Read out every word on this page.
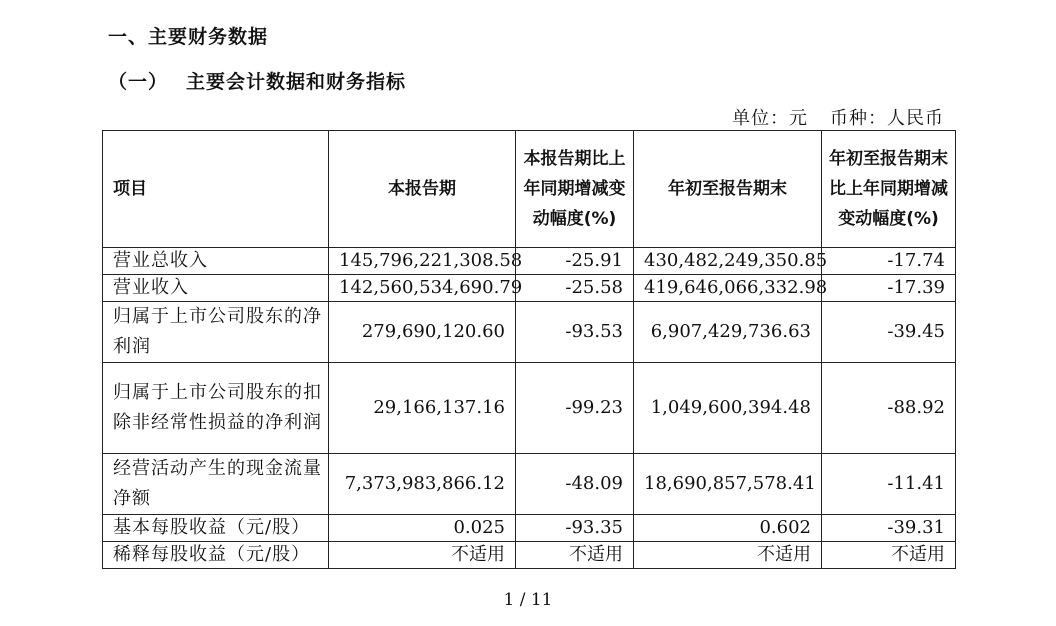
一、主要财务数据
（一） 主要会计数据和财务指标
单位：元 币种：人民币
项目	本报告期	本报告期比上年同期增减变动幅度(%)	年初至报告期末	年初至报告期末比上年同期增减变动幅度(%)
营业总收入	145,796,221,308.58	-25.91	430,482,249,350.85	-17.74
营业收入	142,560,534,690.79	-25.58	419,646,066,332.98	-17.39
归属于上市公司股东的净利润	279,690,120.60	-93.53	6,907,429,736.63	-39.45
归属于上市公司股东的扣除非经常性损益的净利润	29,166,137.16	-99.23	1,049,600,394.48	-88.92
经营活动产生的现金流量净额	7,373,983,866.12	-48.09	18,690,857,578.41	-11.41
基本每股收益（元/股）	0.025	-93.35	0.602	-39.31
稀释每股收益（元/股）	不适用	不适用	不适用	不适用
1 / 11
